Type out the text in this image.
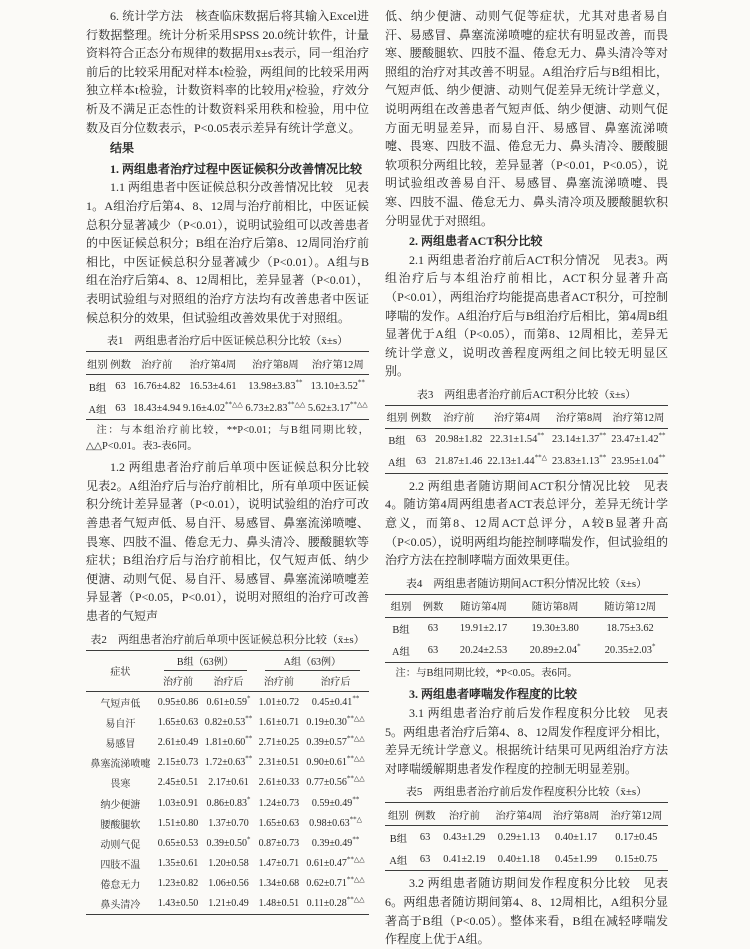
6. 统计学方法　核查临床数据后将其输入Excel进行数据整理。统计分析采用SPSS 20.0统计软件，计量资料符合正态分布规律的数据用x̄±s表示，同一组治疗前后的比较采用配对样本t检验，两组间的比较采用两独立样本t检验，计数资料率的比较用χ²检验，疗效分析及不满足正态性的计数资料采用秩和检验，用中位数及百分位数表示，P<0.05表示差异有统计学意义。

结果

1. 两组患者治疗过程中医证候积分改善情况比较

1.1 两组患者中医证候总积分改善情况比较　见表1。A组治疗后第4、8、12周与治疗前相比，中医证候总积分显著减少（P<0.01），说明试验组可以改善患者的中医证候总积分；B组在治疗后第8、12周同治疗前相比，中医证候总积分显著减少（P<0.01）。A组与B组在治疗后第4、8、12周相比，差异显著（P<0.01），表明试验组与对照组的治疗方法均有改善患者中医证候总积分的效果，但试验组改善效果优于对照组。

表1　两组患者治疗后中医证候总积分比较（x̄±s）
组别	例数	治疗前	治疗第4周	治疗第8周	治疗第12周
B组	63	16.76±4.82	16.53±4.61	13.98±3.83**	13.10±3.52**
A组	63	18.43±4.94	9.16±4.02**△△	6.73±2.83**△△	5.62±3.17**△△

注：与本组治疗前比较，**P<0.01；与B组同期比较，△△P<0.01。表3-表6同。

1.2 两组患者治疗前后单项中医证候总积分比较　见表2。A组治疗后与治疗前相比，所有单项中医证候积分统计差异显著（P<0.01），说明试验组的治疗可改善患者气短声低、易自汗、易感冒、鼻塞流涕喷嚏、畏寒、四肢不温、倦怠无力、鼻头清冷、腰酸腿软等症状；B组治疗后与治疗前相比，仅气短声低、纳少便溏、动则气促、易自汗、易感冒、鼻塞流涕喷嚏差异显著（P<0.05，P<0.01），说明对照组的治疗可改善患者的气短声

表2　两组患者治疗前后单项中医证候总积分比较（x̄±s）
症状	B组（63例）		A组（63例）	
	治疗前	治疗后	治疗前	治疗后
气短声低	0.95±0.86	0.61±0.59*	1.01±0.72	0.45±0.41**
易自汗	1.65±0.63	0.82±0.53**	1.61±0.71	0.19±0.30**△△
易感冒	2.61±0.49	1.81±0.60**	2.71±0.25	0.39±0.57**△△
鼻塞流涕喷嚏	2.15±0.73	1.72±0.63**	2.31±0.51	0.90±0.61**△△
畏寒	2.45±0.51	2.17±0.61	2.61±0.33	0.77±0.56**△△
纳少便溏	1.03±0.91	0.86±0.83*	1.24±0.73	0.59±0.49**
腰酸腿软	1.51±0.80	1.37±0.70	1.65±0.63	0.98±0.63**△
动则气促	0.65±0.53	0.39±0.50*	0.87±0.73	0.39±0.49**
四肢不温	1.35±0.61	1.20±0.58	1.47±0.71	0.61±0.47**△△
倦怠无力	1.23±0.82	1.06±0.56	1.34±0.68	0.62±0.71**△△
鼻头清冷	1.43±0.50	1.21±0.49	1.48±0.51	0.11±0.28**△△

低、纳少便溏、动则气促等症状，尤其对患者易自汗、易感冒、鼻塞流涕喷嚏的症状有明显改善，而畏寒、腰酸腿软、四肢不温、倦怠无力、鼻头清冷等对照组的治疗对其改善不明显。A组治疗后与B组相比，气短声低、纳少便溏、动则气促差异无统计学意义，说明两组在改善患者气短声低、纳少便溏、动则气促方面无明显差异，而易自汗、易感冒、鼻塞流涕喷嚏、畏寒、四肢不温、倦怠无力、鼻头清冷、腰酸腿软项积分两组比较，差异显著（P<0.01，P<0.05），说明试验组改善易自汗、易感冒、鼻塞流涕喷嚏、畏寒、四肢不温、倦怠无力、鼻头清冷项及腰酸腿软积分明显优于对照组。

2. 两组患者ACT积分比较

2.1 两组患者治疗前后ACT积分情况　见表3。两组治疗后与本组治疗前相比，ACT积分显著升高（P<0.01），两组治疗均能提高患者ACT积分，可控制哮喘的发作。A组治疗后与B组治疗后相比，第4周B组显著优于A组（P<0.05），而第8、12周相比，差异无统计学意义，说明改善程度两组之间比较无明显区别。

表3　两组患者治疗前后ACT积分比较（x̄±s）
组别	例数	治疗前	治疗第4周	治疗第8周	治疗第12周
B组	63	20.98±1.82	22.31±1.54**	23.14±1.37**	23.47±1.42**
A组	63	21.87±1.46	22.13±1.44**△	23.83±1.13**	23.95±1.04**

2.2 两组患者随访期间ACT积分情况比较　见表4。随访第4周两组患者ACT表总评分，差异无统计学意义，而第8、12周ACT总评分，A较B显著升高（P<0.05），说明两组均能控制哮喘发作，但试验组的治疗方法在控制哮喘方面效果更佳。

表4　两组患者随访期间ACT积分情况比较（x̄±s）
组别	例数	随访第4周	随访第8周	随访第12周
B组	63	19.91±2.17	19.30±3.80	18.75±3.62
A组	63	20.24±2.53	20.89±2.04*	20.35±2.03*

注：与B组同期比较，*P<0.05。表6同。

3. 两组患者哮喘发作程度的比较

3.1 两组患者治疗前后发作程度积分比较　见表5。两组患者治疗后第4、8、12周发作程度评分相比，差异无统计学意义。根据统计结果可见两组治疗方法对哮喘缓解期患者发作程度的控制无明显差别。

表5　两组患者治疗前后发作程度积分比较（x̄±s）
组别	例数	治疗前	治疗第4周	治疗第8周	治疗第12周
B组	63	0.43±1.29	0.29±1.13	0.40±1.17	0.17±0.45
A组	63	0.41±2.19	0.40±1.18	0.45±1.99	0.15±0.75

3.2 两组患者随访期间发作程度积分比较　见表6。两组患者随访期间第4、8、12周相比，A组积分显著高于B组（P<0.05）。整体来看，B组在减轻哮喘发作程度上优于A组。
